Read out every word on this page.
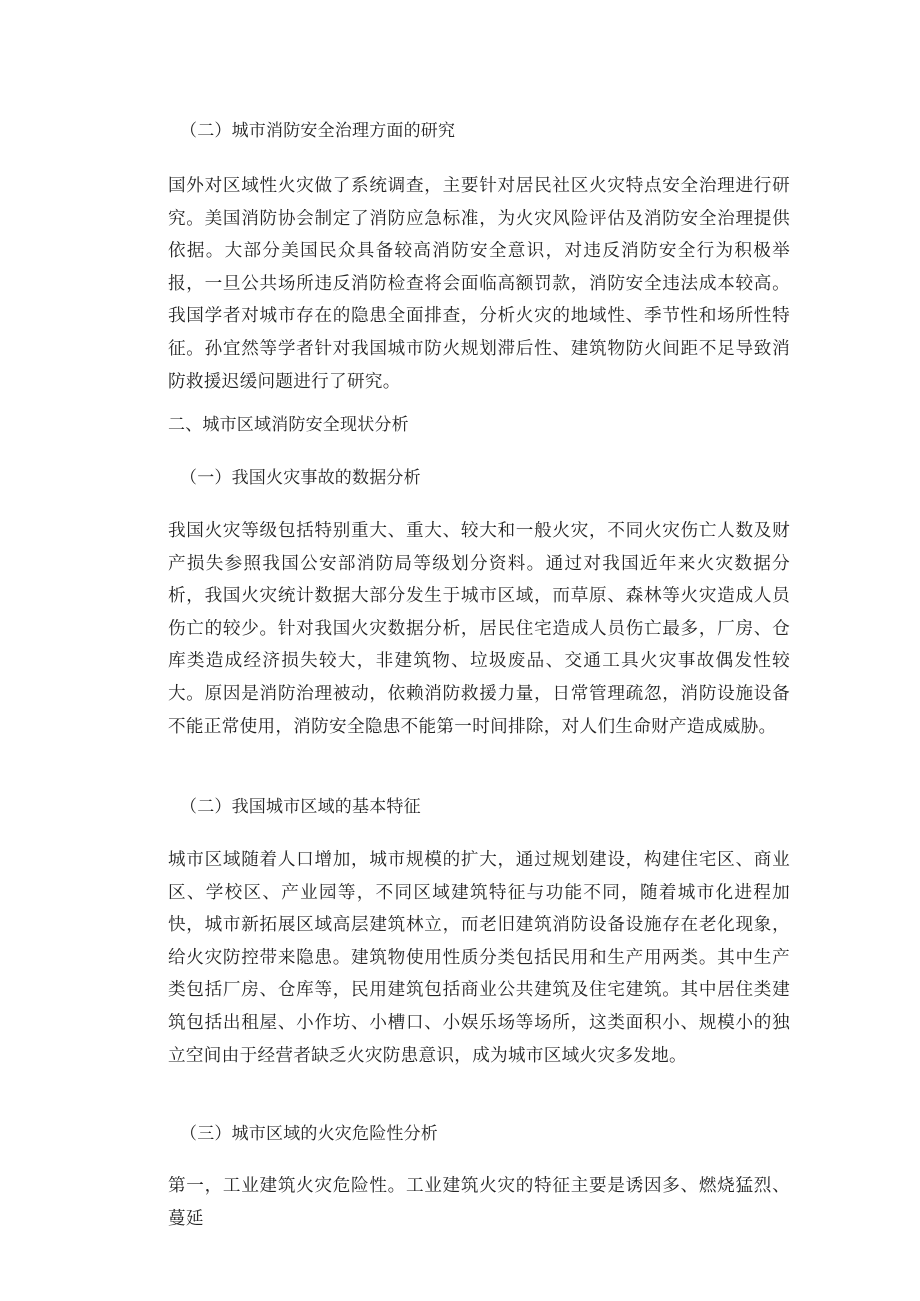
（二）城市消防安全治理方面的研究
国外对区域性火灾做了系统调查，主要针对居民社区火灾特点安全治理进行研究。美国消防协会制定了消防应急标准，为火灾风险评估及消防安全治理提供依据。大部分美国民众具备较高消防安全意识，对违反消防安全行为积极举报，一旦公共场所违反消防检查将会面临高额罚款，消防安全违法成本较高。我国学者对城市存在的隐患全面排查，分析火灾的地域性、季节性和场所性特征。孙宜然等学者针对我国城市防火规划滞后性、建筑物防火间距不足导致消防救援迟缓问题进行了研究。
二、城市区域消防安全现状分析
（一）我国火灾事故的数据分析
我国火灾等级包括特别重大、重大、较大和一般火灾，不同火灾伤亡人数及财产损失参照我国公安部消防局等级划分资料。通过对我国近年来火灾数据分析，我国火灾统计数据大部分发生于城市区域，而草原、森林等火灾造成人员伤亡的较少。针对我国火灾数据分析，居民住宅造成人员伤亡最多，厂房、仓库类造成经济损失较大，非建筑物、垃圾废品、交通工具火灾事故偶发性较大。原因是消防治理被动，依赖消防救援力量，日常管理疏忽，消防设施设备不能正常使用，消防安全隐患不能第一时间排除，对人们生命财产造成威胁。
（二）我国城市区域的基本特征
城市区域随着人口增加，城市规模的扩大，通过规划建设，构建住宅区、商业区、学校区、产业园等，不同区域建筑特征与功能不同，随着城市化进程加快，城市新拓展区域高层建筑林立，而老旧建筑消防设备设施存在老化现象，给火灾防控带来隐患。建筑物使用性质分类包括民用和生产用两类。其中生产类包括厂房、仓库等，民用建筑包括商业公共建筑及住宅建筑。其中居住类建筑包括出租屋、小作坊、小槽口、小娱乐场等场所，这类面积小、规模小的独立空间由于经营者缺乏火灾防患意识，成为城市区域火灾多发地。
（三）城市区域的火灾危险性分析
第一，工业建筑火灾危险性。工业建筑火灾的特征主要是诱因多、燃烧猛烈、蔓延
